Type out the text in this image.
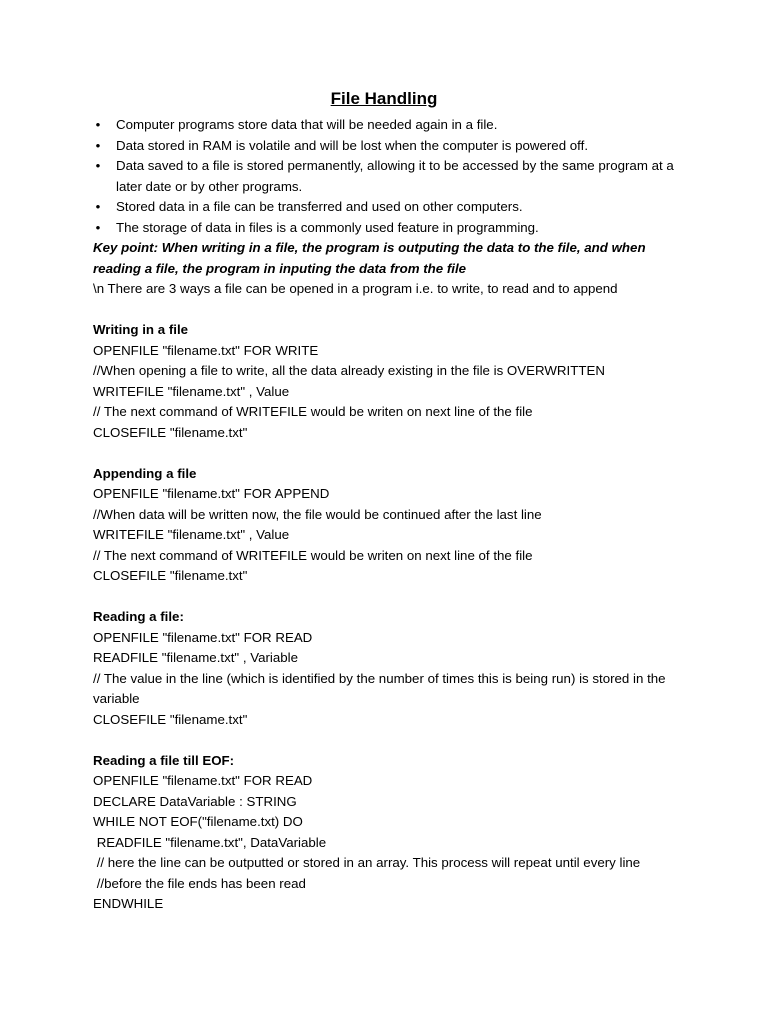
File Handling
• Computer programs store data that will be needed again in a file.
• Data stored in RAM is volatile and will be lost when the computer is powered off.
• Data saved to a file is stored permanently, allowing it to be accessed by the same program at a later date or by other programs.
• Stored data in a file can be transferred and used on other computers.
• The storage of data in files is a commonly used feature in programming.
Key point: When writing in a file, the program is outputing the data to the file, and when reading a file, the program in inputing the data from the file
\n There are 3 ways a file can be opened in a program i.e. to write, to read and to append
Writing in a file
OPENFILE "filename.txt" FOR WRITE
//When opening a file to write, all the data already existing in the file is OVERWRITTEN
WRITEFILE "filename.txt" , Value
// The next command of WRITEFILE would be writen on next line of the file
CLOSEFILE "filename.txt"
Appending a file
OPENFILE "filename.txt" FOR APPEND
//When data will be written now, the file would be continued after the last line
WRITEFILE "filename.txt" , Value
// The next command of WRITEFILE would be writen on next line of the file
CLOSEFILE "filename.txt"
Reading a file:
OPENFILE "filename.txt" FOR READ
READFILE "filename.txt" , Variable
// The value in the line (which is identified by the number of times this is being run) is stored in the variable
CLOSEFILE "filename.txt"
Reading a file till EOF:
OPENFILE "filename.txt" FOR READ
DECLARE DataVariable : STRING
WHILE NOT EOF("filename.txt) DO
READFILE "filename.txt", DataVariable
// here the line can be outputted or stored in an array. This process will repeat until every line
//before the file ends has been read
ENDWHILE
